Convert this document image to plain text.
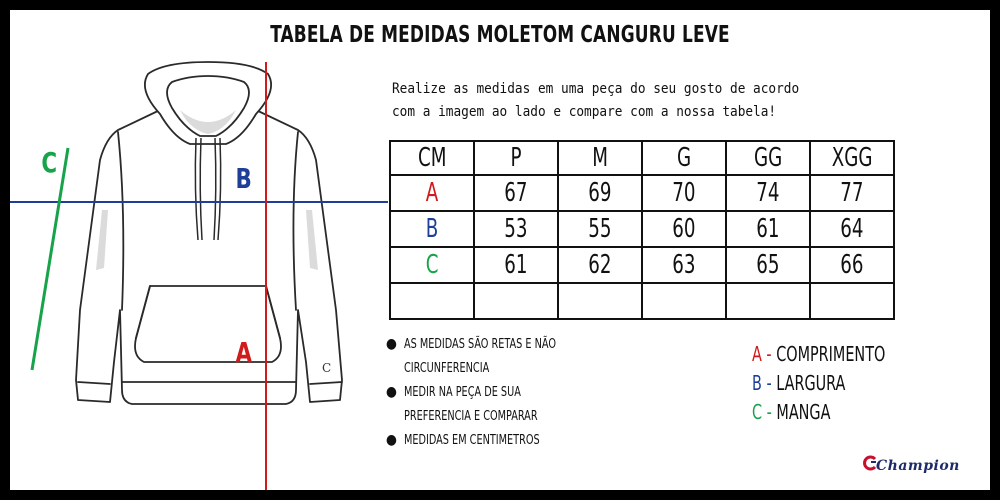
C
C	B
A
TABELA DE MEDIDAS MOLETOM CANGURU LEVE
Realize as medidas em uma peça do seu gosto de acordo
com a imagem ao lado e compare com a nossa tabela!
CM	P	M	G	GG	XGG
A	67	69	70	74	77
B	53	55	60	61	64
C	61	62	63	65	66

● AS MEDIDAS SÃO RETAS E NÃO
CIRCUNFERENCIA
● MEDIR NA PEÇA DE SUA
PREFERENCIA E COMPARAR
● MEDIDAS EM CENTIMETROS
A - COMPRIMENTO
B - LARGURA
C - MANGA
Champion
